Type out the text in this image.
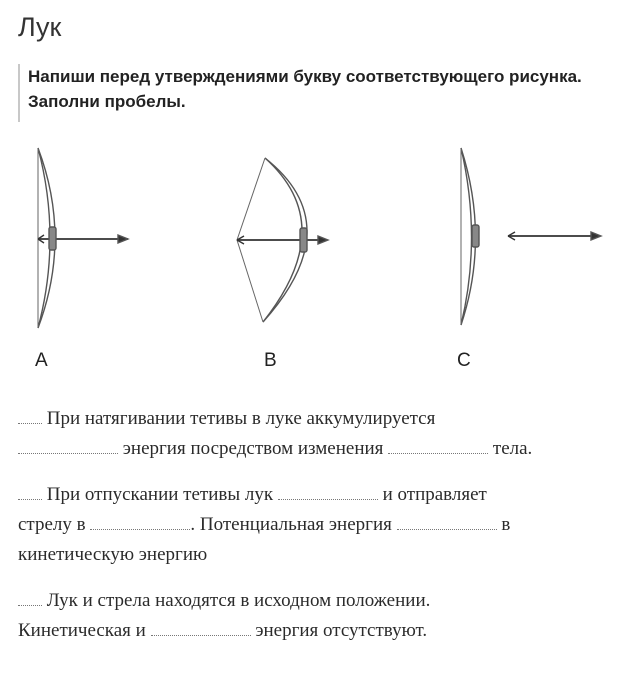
Лук
Напиши перед утверждениями букву соответствующего рисунка. Заполни пробелы.
A	B	C
При натягивании тетивы в луке аккумулируется
энергия посредством изменения	тела.
При отпускании тетивы лук	и отправляет
стрелу в	. Потенциальная энергия	в
кинетическую энергию
Лук и стрела находятся в исходном положении.
Кинетическая и	энергия отсутствуют.
